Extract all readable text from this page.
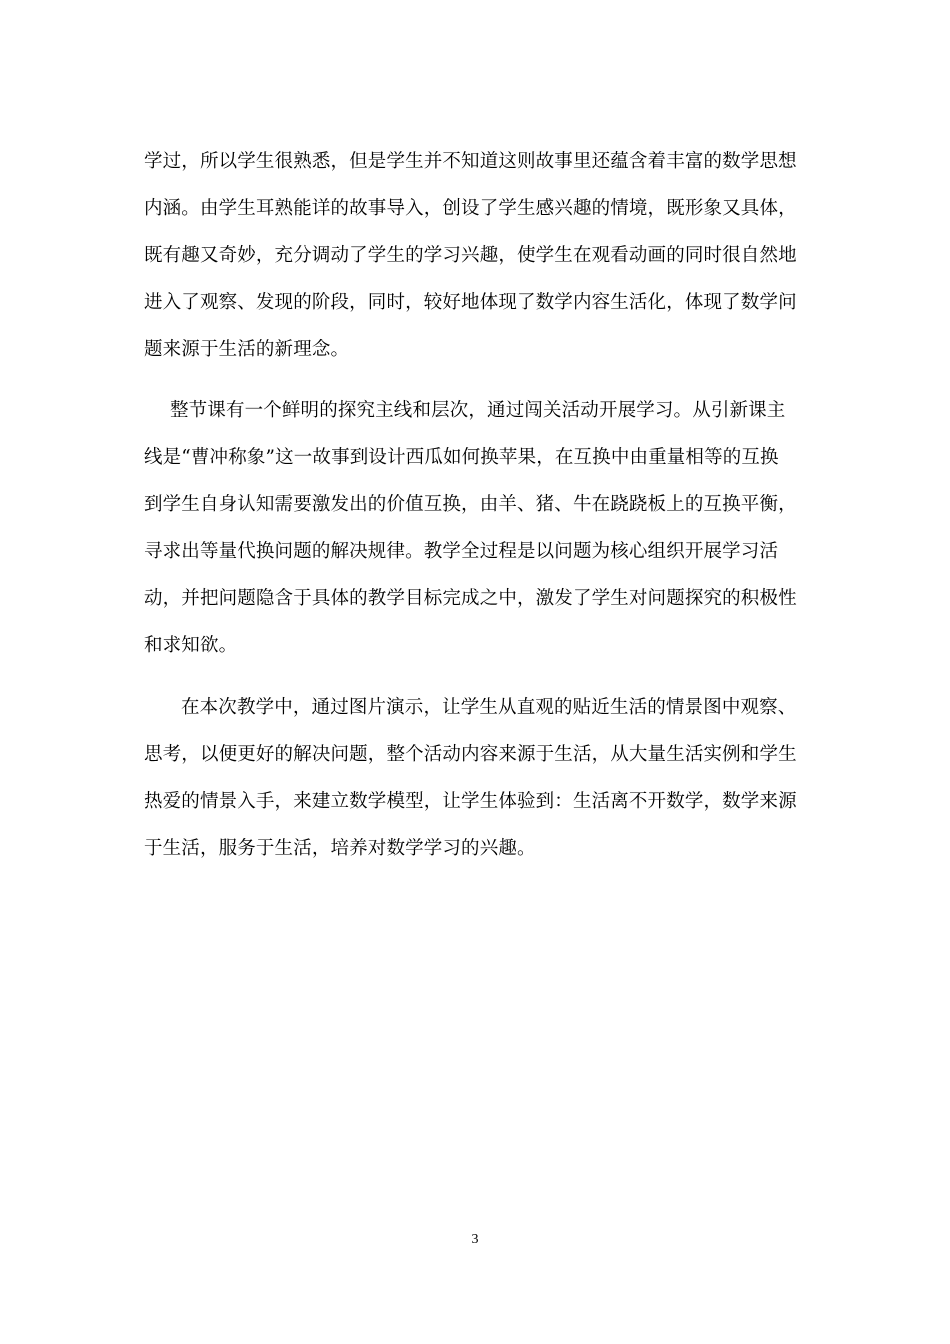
学过，所以学生很熟悉，但是学生并不知道这则故事里还蕴含着丰富的数学思想
内涵。由学生耳熟能详的故事导入，创设了学生感兴趣的情境，既形象又具体，
既有趣又奇妙，充分调动了学生的学习兴趣，使学生在观看动画的同时很自然地
进入了观察、发现的阶段，同时，较好地体现了数学内容生活化，体现了数学问
题来源于生活的新理念。
整节课有一个鲜明的探究主线和层次，通过闯关活动开展学习。从引新课主
线是“曹冲称象”这一故事到设计西瓜如何换苹果，在互换中由重量相等的互换
到学生自身认知需要激发出的价值互换，由羊、猪、牛在跷跷板上的互换平衡，
寻求出等量代换问题的解决规律。教学全过程是以问题为核心组织开展学习活
动，并把问题隐含于具体的教学目标完成之中，激发了学生对问题探究的积极性
和求知欲。
在本次教学中，通过图片演示，让学生从直观的贴近生活的情景图中观察、
思考，以便更好的解决问题，整个活动内容来源于生活，从大量生活实例和学生
热爱的情景入手，来建立数学模型，让学生体验到：生活离不开数学，数学来源
于生活，服务于生活，培养对数学学习的兴趣。
3
